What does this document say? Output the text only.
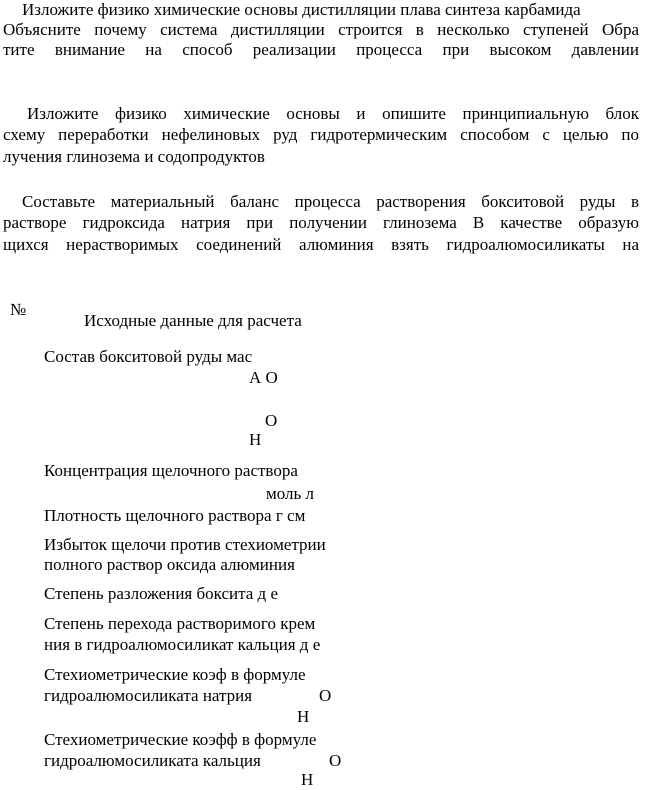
Изложите физико химические основы дистилляции плава синтеза карбамида
Объясните почему система дистилляции строится в несколько ступеней Обра
тите внимание на способ реализации процесса при высоком давлении
Изложите физико химические основы и опишите принципиальную блок
схему переработки нефелиновых руд гидротермическим способом с целью по
лучения глинозема и содопродуктов
Составьте материальный баланс процесса растворения бокситовой руды в
растворе гидроксида натрия при получении глинозема В качестве образую
щихся нерастворимых соединений алюминия взять гидроалюмосиликаты на
№
Исходные данные для расчета
Состав бокситовой руды мас
А О
О
Н
Концентрация щелочного раствора
моль л
Плотность щелочного раствора г см
Избыток щелочи против стехиометрии
полного раствор оксида алюминия
Степень разложения боксита д е
Степень перехода растворимого крем
ния в гидроалюмосиликат кальция д е
Стехиометрические коэф в формуле
гидроалюмосиликата натрия	О
Н
Стехиометрические коэфф в формуле
гидроалюмосиликата кальция	О
Н
